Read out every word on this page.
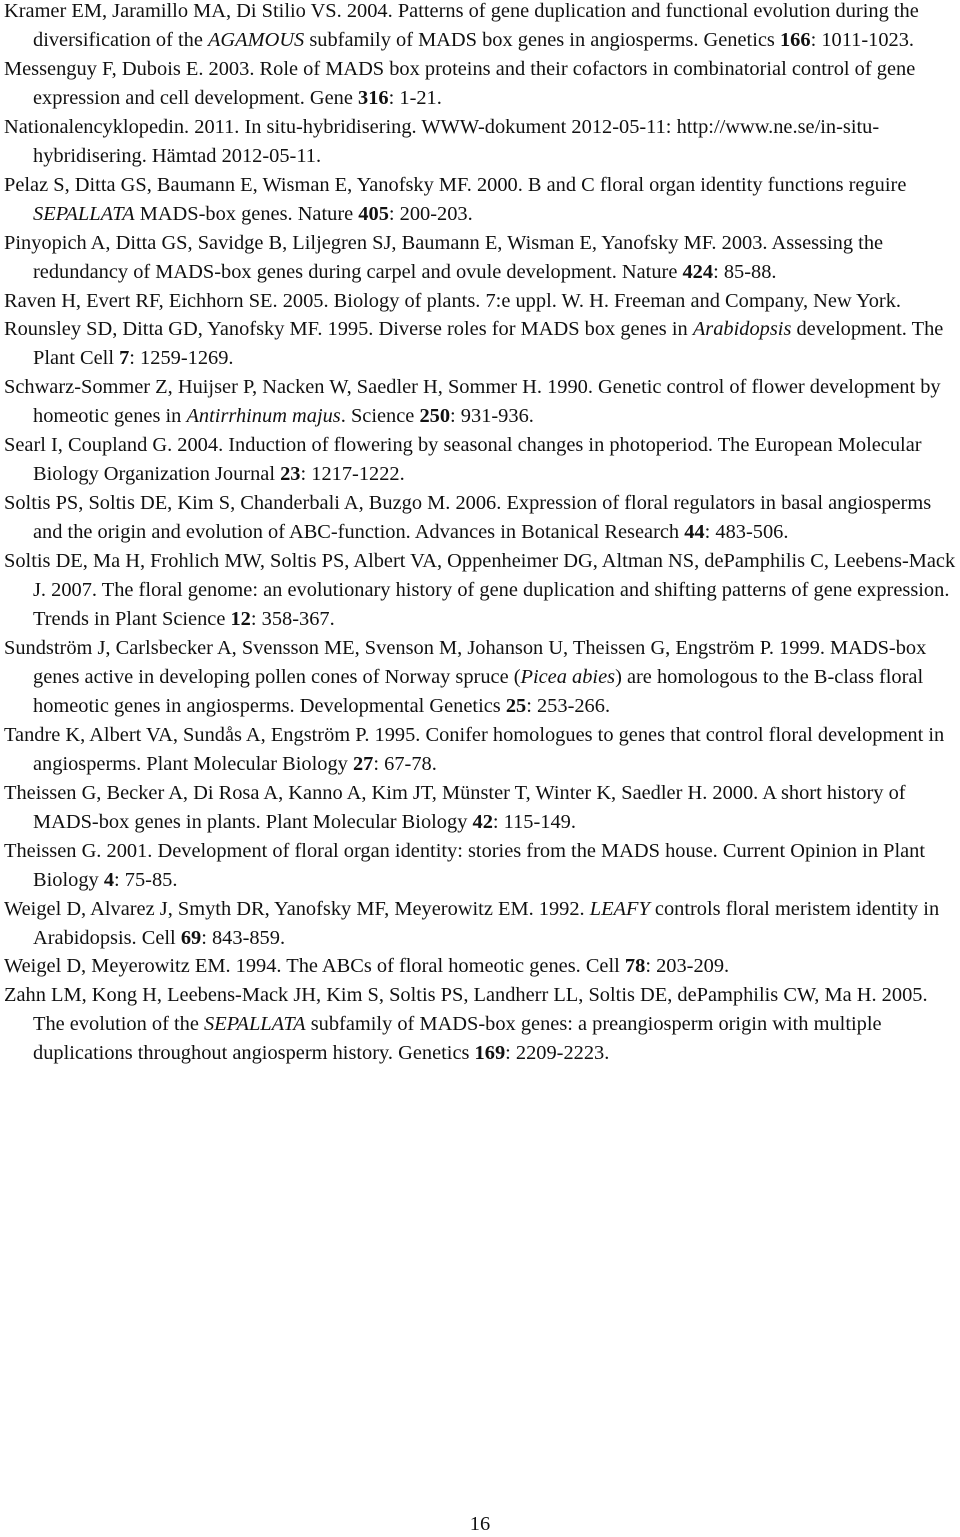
Kramer EM, Jaramillo MA, Di Stilio VS. 2004. Patterns of gene duplication and functional evolution during the diversification of the AGAMOUS subfamily of MADS box genes in angiosperms. Genetics 166: 1011-1023.

Messenguy F, Dubois E. 2003. Role of MADS box proteins and their cofactors in combinatorial control of gene expression and cell development. Gene 316: 1-21.

Nationalencyklopedin. 2011. In situ-hybridisering. WWW-dokument 2012-05-11: http://www.ne.se/in-situ-hybridisering. Hämtad 2012-05-11.

Pelaz S, Ditta GS, Baumann E, Wisman E, Yanofsky MF. 2000. B and C floral organ identity functions reguire SEPALLATA MADS-box genes. Nature 405: 200-203.

Pinyopich A, Ditta GS, Savidge B, Liljegren SJ, Baumann E, Wisman E, Yanofsky MF. 2003. Assessing the redundancy of MADS-box genes during carpel and ovule development. Nature 424: 85-88.

Raven H, Evert RF, Eichhorn SE. 2005. Biology of plants. 7:e uppl. W. H. Freeman and Company, New York.

Rounsley SD, Ditta GD, Yanofsky MF. 1995. Diverse roles for MADS box genes in Arabidopsis development. The Plant Cell 7: 1259-1269.

Schwarz-Sommer Z, Huijser P, Nacken W, Saedler H, Sommer H. 1990. Genetic control of flower development by homeotic genes in Antirrhinum majus. Science 250: 931-936.

Searl I, Coupland G. 2004. Induction of flowering by seasonal changes in photoperiod. The European Molecular Biology Organization Journal 23: 1217-1222.

Soltis PS, Soltis DE, Kim S, Chanderbali A, Buzgo M. 2006. Expression of floral regulators in basal angiosperms and the origin and evolution of ABC-function. Advances in Botanical Research 44: 483-506.

Soltis DE, Ma H, Frohlich MW, Soltis PS, Albert VA, Oppenheimer DG, Altman NS, dePamphilis C, Leebens-Mack J. 2007. The floral genome: an evolutionary history of gene duplication and shifting patterns of gene expression. Trends in Plant Science 12: 358-367.

Sundström J, Carlsbecker A, Svensson ME, Svenson M, Johanson U, Theissen G, Engström P. 1999. MADS-box genes active in developing pollen cones of Norway spruce (Picea abies) are homologous to the B-class floral homeotic genes in angiosperms. Developmental Genetics 25: 253-266.

Tandre K, Albert VA, Sundås A, Engström P. 1995. Conifer homologues to genes that control floral development in angiosperms. Plant Molecular Biology 27: 67-78.

Theissen G, Becker A, Di Rosa A, Kanno A, Kim JT, Münster T, Winter K, Saedler H. 2000. A short history of MADS-box genes in plants. Plant Molecular Biology 42: 115-149.

Theissen G. 2001. Development of floral organ identity: stories from the MADS house. Current Opinion in Plant Biology 4: 75-85.

Weigel D, Alvarez J, Smyth DR, Yanofsky MF, Meyerowitz EM. 1992. LEAFY controls floral meristem identity in Arabidopsis. Cell 69: 843-859.

Weigel D, Meyerowitz EM. 1994. The ABCs of floral homeotic genes. Cell 78: 203-209.

Zahn LM, Kong H, Leebens-Mack JH, Kim S, Soltis PS, Landherr LL, Soltis DE, dePamphilis CW, Ma H. 2005. The evolution of the SEPALLATA subfamily of MADS-box genes: a preangiosperm origin with multiple duplications throughout angiosperm history. Genetics 169: 2209-2223.

16
